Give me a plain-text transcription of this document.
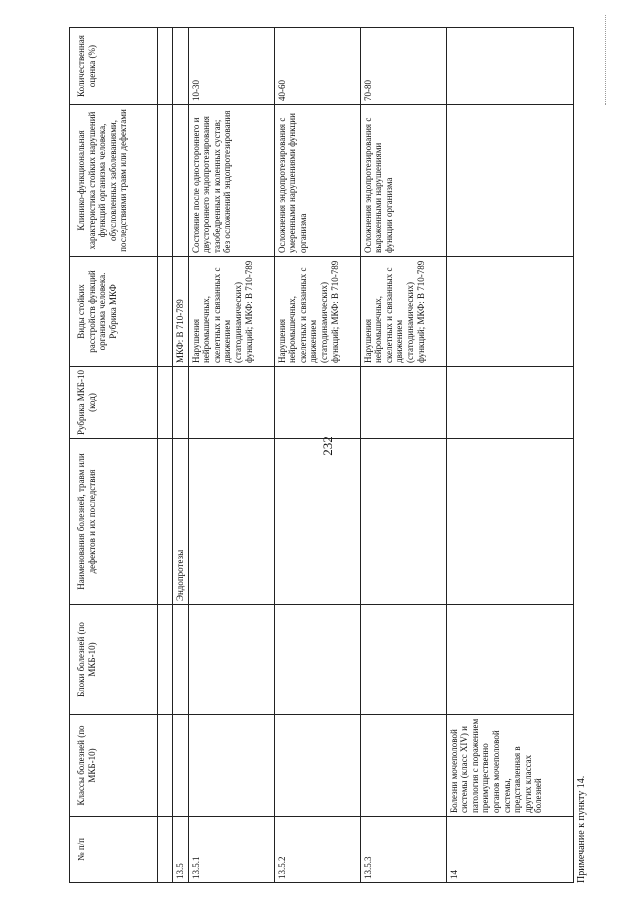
232
№ п/п	Классы болезней (по МКБ-10)	Блоки болезней (по МКБ-10)	Наименования болезней, травм или дефектов и их последствия	Рубрика МКБ-10 (код)	Виды стойких расстройств функций организма человека. Рубрика МКФ	Клинико-функциональная характеристика стойких нарушений функций организма человека, обусловленных заболеваниями, последствиями травм или дефектами	Количественная оценка (%)

13.5			Эндопротезы		МКФ: В 710-789		
13.5.1					Нарушения нейромышечных, скелетных и связанных с движением (статодинамических) функций; МКФ: В 710-789	Состояние после одностороннего и двустороннего эндопротезирования тазобедренных и коленных сустав; без осложнений эндопротезирования	10-30
13.5.2					Нарушения нейромышечных, скелетных и связанных с движением (статодинамических) функций; МКФ: В 710-789	Осложнения эндопротезирования с умеренными нарушениями функции организма	40-60
13.5.3					Нарушения нейромышечных, скелетных и связанных с движением (статодинамических) функций; МКФ: В 710-789	Осложнения эндопротезирования с выраженными нарушениями функции организма	70-80
14	Болезни мочеполовой системы (класс XIV) и патология с поражением преимущественно органов мочеполовой системы, представленная в других классах болезней							Примечание к пункту 14.
